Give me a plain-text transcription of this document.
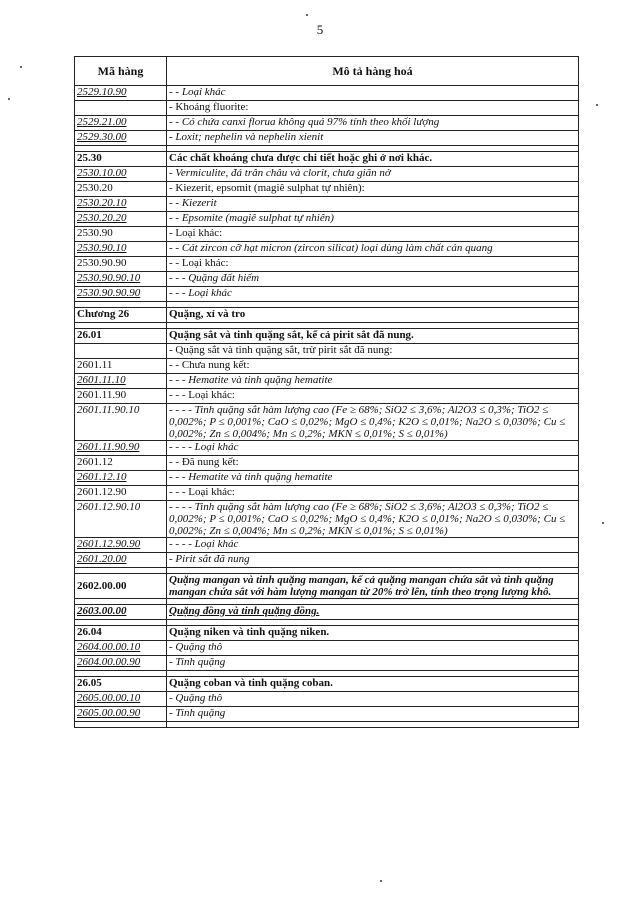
5
Mã hàng	Mô tả hàng hoá
2529.10.90	- - Loại khác
	- Khoáng fluorite:
2529.21.00	- - Có chứa canxi florua không quá 97% tính theo khối lượng
2529.30.00	- Loxit; nephelin và nephelin xienit

25.30	Các chất khoáng chưa được chi tiết hoặc ghi ở nơi khác.
2530.10.00	- Vermiculite, đá trân châu và clorit, chưa giãn nở
2530.20	- Kiezerit, epsomit (magiê sulphat tự nhiên):
2530.20.10	- - Kiezerit
2530.20.20	- - Epsomite (magiê sulphat tự nhiên)
2530.90	- Loại khác:
2530.90.10	- - Cát zircon cỡ hạt micron (zircon silicat) loại dùng làm chất cản quang
2530.90.90	- - Loại khác:
2530.90.90.10	- - - Quặng đất hiếm
2530.90.90.90	- - - Loại khác

Chương 26	Quặng, xỉ và tro

26.01	Quặng sắt và tinh quặng sắt, kể cả pirit sắt đã nung.
	- Quặng sắt và tinh quặng sắt, trừ pirit sắt đã nung:
2601.11	- - Chưa nung kết:
2601.11.10	- - - Hematite và tinh quặng hematite
2601.11.90	- - - Loại khác:
2601.11.90.10	- - - - Tinh quặng sắt hàm lượng cao (Fe ≥ 68%; SiO2 ≤ 3,6%; Al2O3 ≤ 0,3%; TiO2 ≤ 0,002%; P ≤ 0,001%; CaO ≤ 0,02%; MgO ≤ 0,4%; K2O ≤ 0,01%; Na2O ≤ 0,030%; Cu ≤ 0,002%; Zn ≤ 0,004%; Mn ≤ 0,2%; MKN ≤ 0,01%; S ≤ 0,01%)
2601.11.90.90	- - - - Loại khác
2601.12	- - Đã nung kết:
2601.12.10	- - - Hematite và tinh quặng hematite
2601.12.90	- - - Loại khác:
2601.12.90.10	- - - - Tinh quặng sắt hàm lượng cao (Fe ≥ 68%; SiO2 ≤ 3,6%; Al2O3 ≤ 0,3%; TiO2 ≤ 0,002%; P ≤ 0,001%; CaO ≤ 0,02%; MgO ≤ 0,4%; K2O ≤ 0,01%; Na2O ≤ 0,030%; Cu ≤ 0,002%; Zn ≤ 0,004%; Mn ≤ 0,2%; MKN ≤ 0,01%; S ≤ 0,01%)
2601.12.90.90	- - - - Loại khác
2601.20.00	- Pirit sắt đã nung

2602.00.00	Quặng mangan và tinh quặng mangan, kể cả quặng mangan chứa sắt và tinh quặng mangan chứa sắt với hàm lượng mangan từ 20% trở lên, tính theo trọng lượng khô.

2603.00.00	Quặng đồng và tinh quặng đồng.

26.04	Quặng niken và tinh quặng niken.
2604.00.00.10	- Quặng thô
2604.00.00.90	- Tinh quặng

26.05	Quặng coban và tinh quặng coban.
2605.00.00.10	- Quặng thô
2605.00.00.90	- Tinh quặng
